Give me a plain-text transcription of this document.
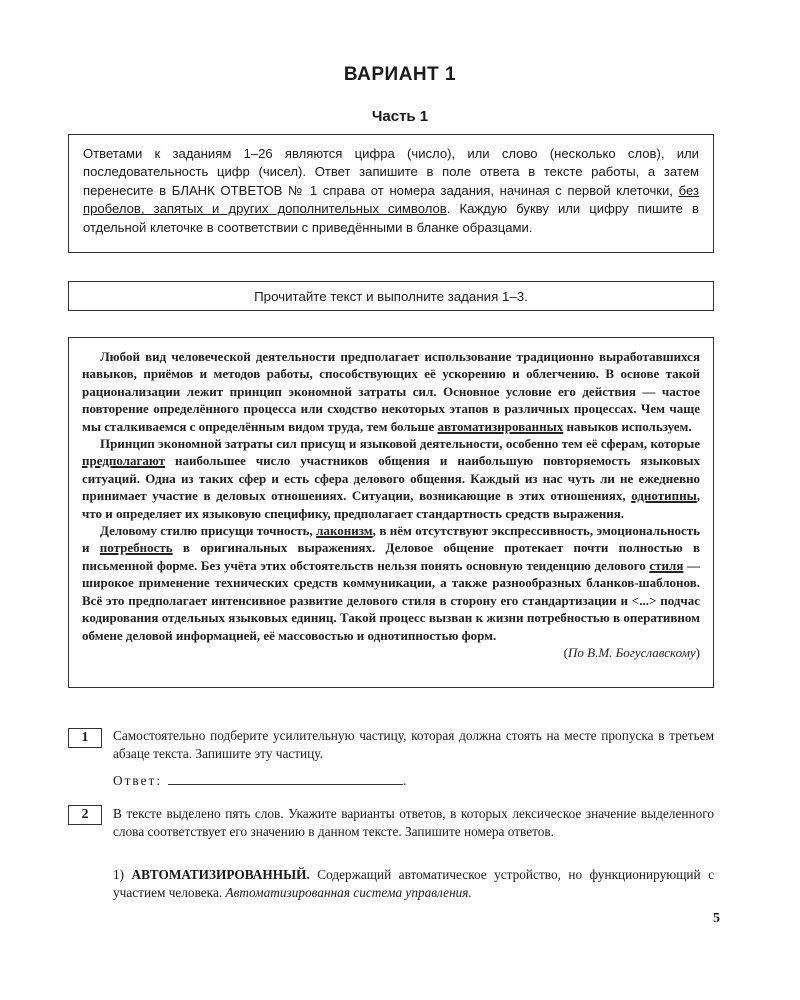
ВАРИАНТ 1
Часть 1
Ответами к заданиям 1–26 являются цифра (число), или слово (несколько слов), или последовательность цифр (чисел). Ответ запишите в поле ответа в тексте работы, а затем перенесите в БЛАНК ОТВЕТОВ № 1 справа от номера задания, начиная с первой клеточки, без пробелов, запятых и других дополнительных символов. Каждую букву или цифру пишите в отдельной клеточке в соответствии с приведёнными в бланке образцами.
Прочитайте текст и выполните задания 1–3.

Любой вид человеческой деятельности предполагает использование традиционно выработавшихся навыков, приёмов и методов работы, способствующих её ускорению и облегчению. В основе такой рационализации лежит принцип экономной затраты сил. Основное условие его действия — частое повторение определённого процесса или сходство некоторых этапов в различных процессах. Чем чаще мы сталкиваемся с определённым видом труда, тем больше автоматизированных навыков используем.

Принцип экономной затраты сил присущ и языковой деятельности, особенно тем её сферам, которые предполагают наибольшее число участников общения и наибольшую повторяемость языковых ситуаций. Одна из таких сфер и есть сфера делового общения. Каждый из нас чуть ли не ежедневно принимает участие в деловых отношениях. Ситуации, возникающие в этих отношениях, однотипны, что и определяет их языковую специфику, предполагает стандартность средств выражения.

Деловому стилю присущи точность, лаконизм, в нём отсутствуют экспрессивность, эмоциональность и потребность в оригинальных выражениях. Деловое общение протекает почти полностью в письменной форме. Без учёта этих обстоятельств нельзя понять основную тенденцию делового стиля — широкое применение технических средств коммуникации, а также разнообразных бланков-шаблонов. Всё это предполагает интенсивное развитие делового стиля в сторону его стандартизации и <...> подчас кодирования отдельных языковых единиц. Такой процесс вызван к жизни потребностью в оперативном обмене деловой информацией, её массовостью и однотипностью форм.

(По В.М. Богуславскому)
1	Самостоятельно подберите усилительную частицу, которая должна стоять на месте пропуска в третьем абзаце текста. Запишите эту частицу.
Ответ:	.
2	В тексте выделено пять слов. Укажите варианты ответов, в которых лексическое значение выделенного слова соответствует его значению в данном тексте. Запишите номера ответов.
1) АВТОМАТИЗИРОВАННЫЙ. Содержащий автоматическое устройство, но функционирующий с участием человека. Автоматизированная система управления.
5
